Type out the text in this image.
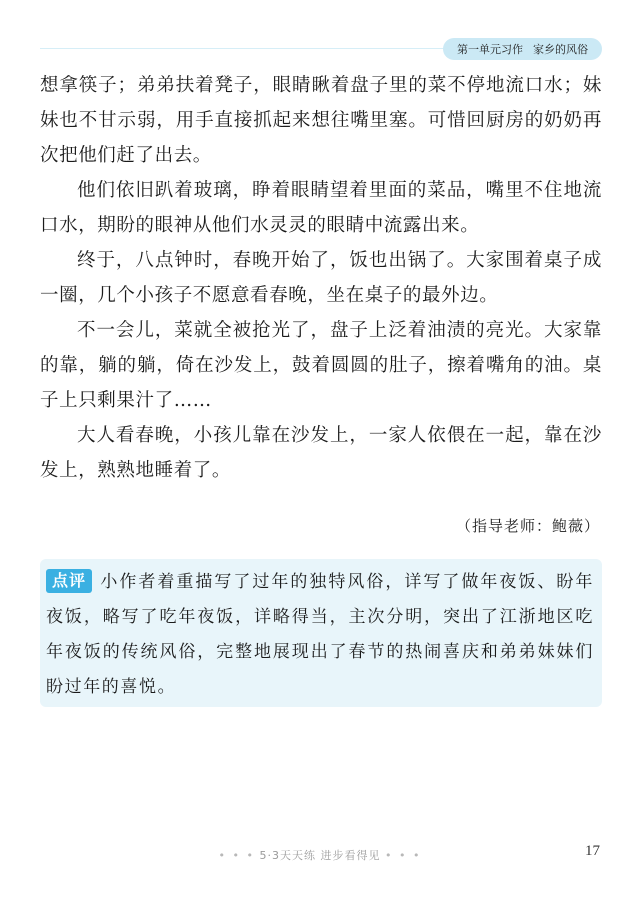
第一单元习作 家乡的风俗

想拿筷子；弟弟扶着凳子，眼睛瞅着盘子里的菜不停地流口水；妹妹也不甘示弱，用手直接抓起来想往嘴里塞。可惜回厨房的奶奶再次把他们赶了出去。

他们依旧趴着玻璃，睁着眼睛望着里面的菜品，嘴里不住地流口水，期盼的眼神从他们水灵灵的眼睛中流露出来。

终于，八点钟时，春晚开始了，饭也出锅了。大家围着桌子成一圈，几个小孩子不愿意看春晚，坐在桌子的最外边。

不一会儿，菜就全被抢光了，盘子上泛着油渍的亮光。大家靠的靠，躺的躺，倚在沙发上，鼓着圆圆的肚子，擦着嘴角的油。桌子上只剩果汁了……

大人看春晚，小孩儿靠在沙发上，一家人依偎在一起，靠在沙发上，熟熟地睡着了。

（指导老师：鲍薇）
点评 小作者着重描写了过年的独特风俗，详写了做年夜饭、盼年夜饭，略写了吃年夜饭，详略得当，主次分明，突出了江浙地区吃年夜饭的传统风俗，完整地展现出了春节的热闹喜庆和弟弟妹妹们盼过年的喜悦。
• • • 5·3天天练 进步看得见 • • •	17
